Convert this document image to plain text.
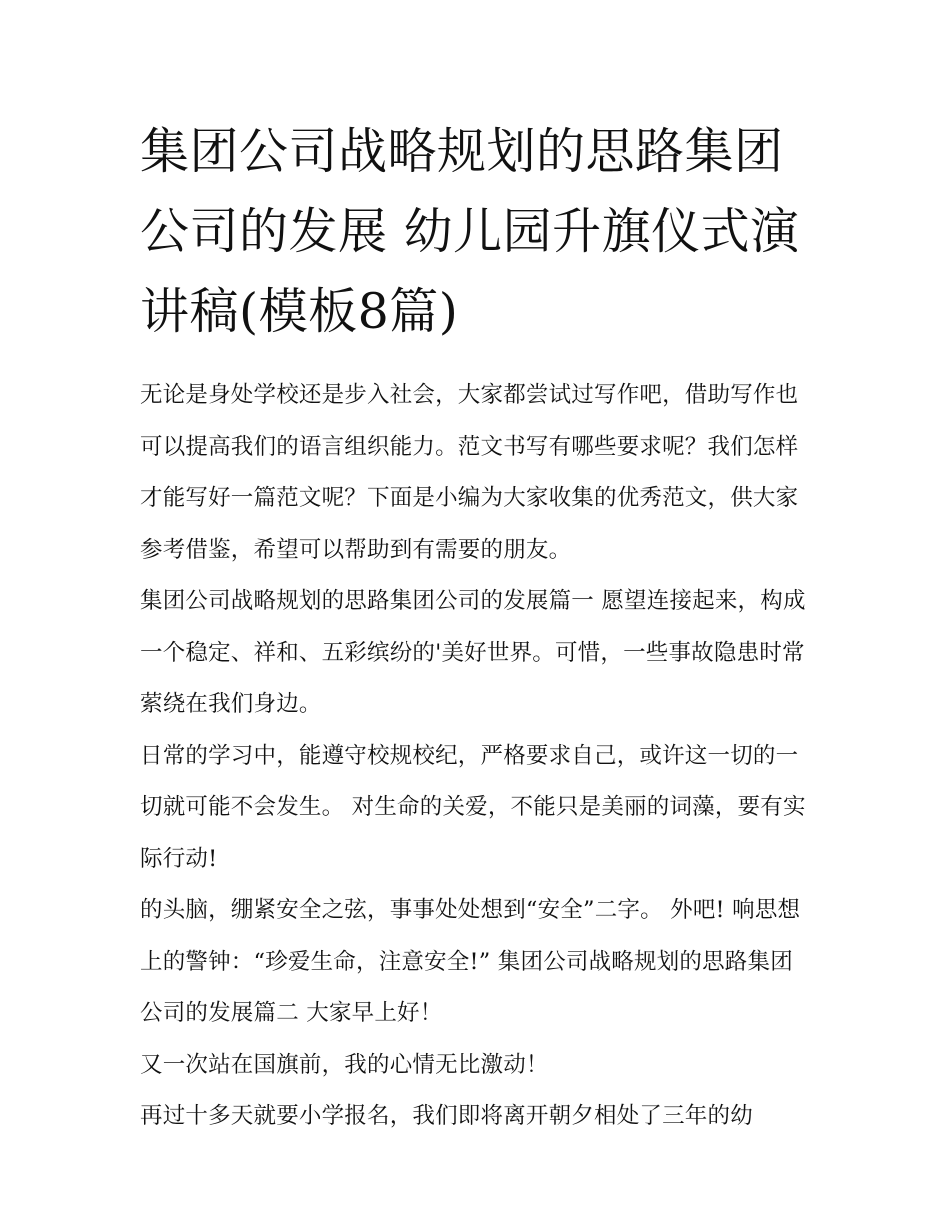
集团公司战略规划的思路集团公司的发展 幼儿园升旗仪式演讲稿(模板8篇)

无论是身处学校还是步入社会，大家都尝试过写作吧，借助写作也可以提高我们的语言组织能力。范文书写有哪些要求呢？我们怎样才能写好一篇范文呢？下面是小编为大家收集的优秀范文，供大家参考借鉴，希望可以帮助到有需要的朋友。

集团公司战略规划的思路集团公司的发展篇一 愿望连接起来，构成一个稳定、祥和、五彩缤纷的'美好世界。可惜，一些事故隐患时常萦绕在我们身边。

日常的学习中，能遵守校规校纪，严格要求自己，或许这一切的一切就可能不会发生。 对生命的关爱，不能只是美丽的词藻，要有实际行动!

的头脑，绷紧安全之弦，事事处处想到“安全”二字。 外吧! 响思想上的警钟：“珍爱生命，注意安全!” 集团公司战略规划的思路集团公司的发展篇二 大家早上好！

又一次站在国旗前，我的心情无比激动！

再过十多天就要小学报名，我们即将离开朝夕相处了三年的幼
